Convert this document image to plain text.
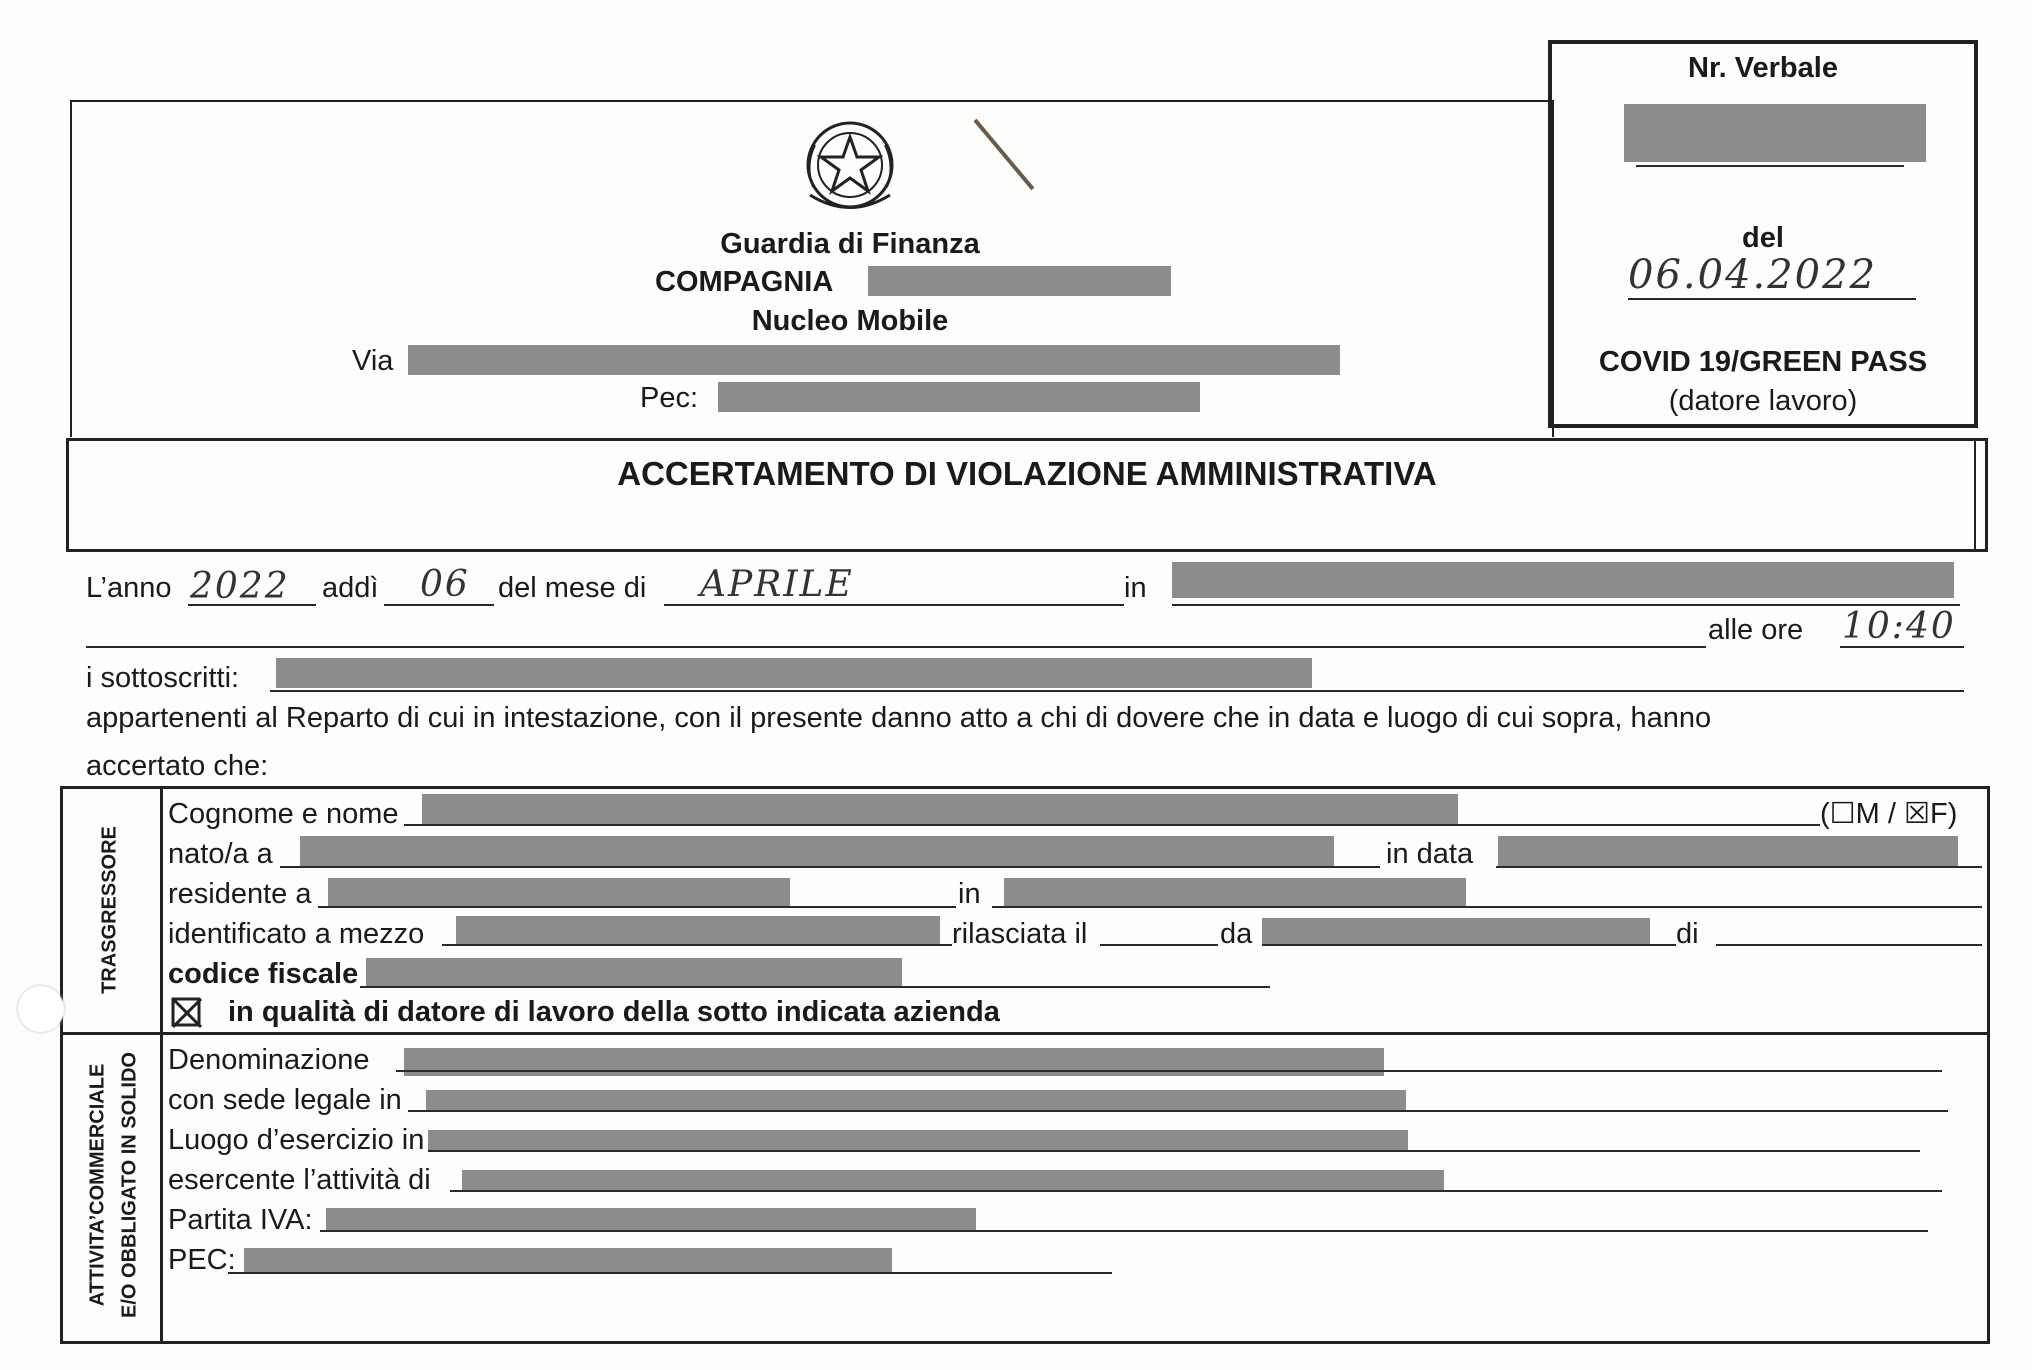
Guardia di Finanza
COMPAGNIA
Nucleo Mobile
Via
Pec:
Nr. Verbale
del
06.04.2022
COVID 19/GREEN PASS
(datore lavoro)
ACCERTAMENTO DI VIOLAZIONE AMMINISTRATIVA
L’anno 2022 addì 06 del mese di APRILE	in
alle ore 10:40
i sottoscritti:
appartenenti al Reparto di cui in intestazione, con il presente danno atto a chi di dovere che in data e luogo di cui sopra, hanno
accertato che:
TRASGRESSORE
ATTIVITA’COMMERCIALE E/O OBBLIGATO IN SOLIDO
Cognome e nome	(☐M / ☒F)
nato/a a	in data
residente a	in
identificato a mezzo	rilasciata il	da	di
codice fiscale
in qualità di datore di lavoro della sotto indicata azienda
Denominazione
con sede legale in
Luogo d’esercizio in
esercente l’attività di
Partita IVA:
PEC:
